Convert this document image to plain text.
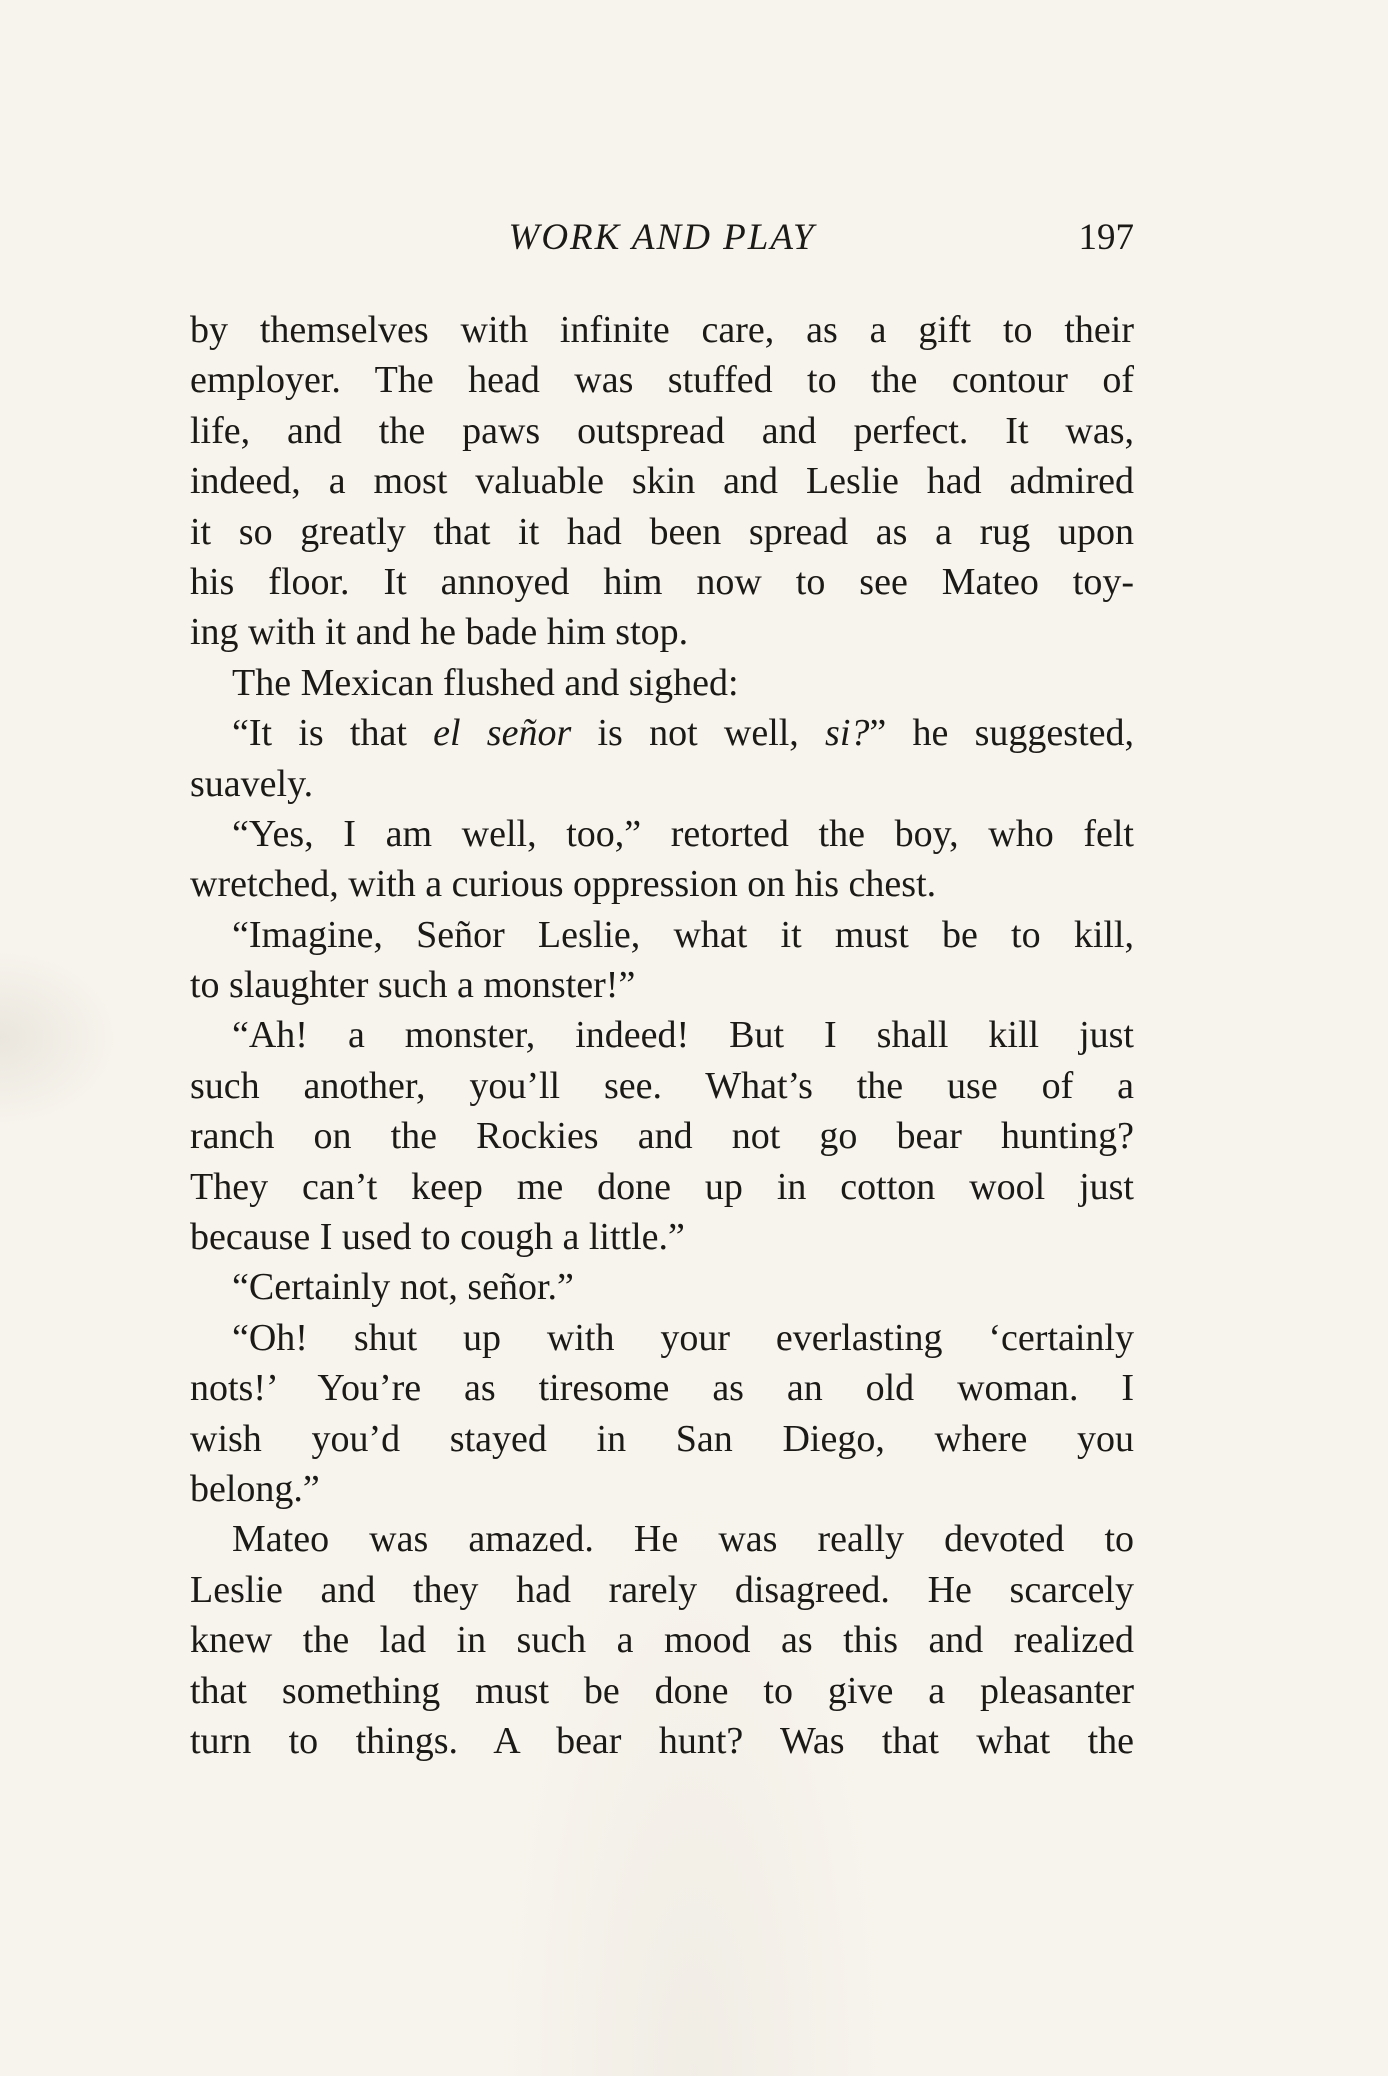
WORK AND PLAY	197
by themselves with infinite care, as a gift to their
employer. The head was stuffed to the contour of
life, and the paws outspread and perfect. It was,
indeed, a most valuable skin and Leslie had admired
it so greatly that it had been spread as a rug upon
his floor. It annoyed him now to see Mateo toy-
ing with it and he bade him stop.
The Mexican flushed and sighed:
“It is that el señor is not well, si?” he suggested,
suavely.
“Yes, I am well, too,” retorted the boy, who felt
wretched, with a curious oppression on his chest.
“Imagine, Señor Leslie, what it must be to kill,
to slaughter such a monster!”
“Ah! a monster, indeed! But I shall kill just
such another, you’ll see. What’s the use of a
ranch on the Rockies and not go bear hunting?
They can’t keep me done up in cotton wool just
because I used to cough a little.”
“Certainly not, señor.”
“Oh! shut up with your everlasting ‘certainly
nots!’ You’re as tiresome as an old woman. I
wish you’d stayed in San Diego, where you
belong.”
Mateo was amazed. He was really devoted to
Leslie and they had rarely disagreed. He scarcely
knew the lad in such a mood as this and realized
that something must be done to give a pleasanter
turn to things. A bear hunt? Was that what the
